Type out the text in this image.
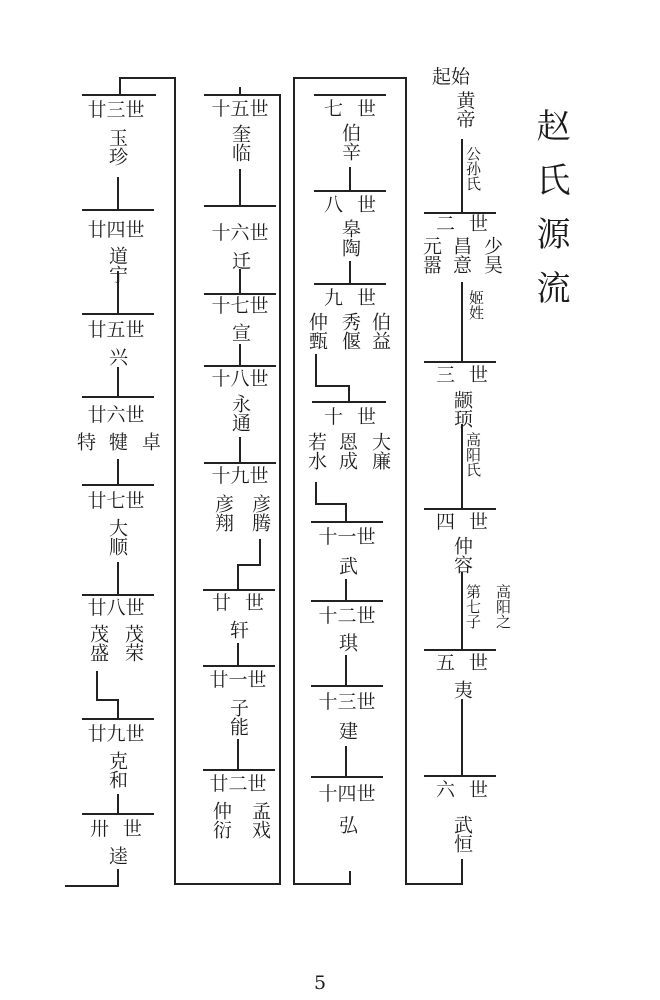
赵氏源流
起始
黄帝
公孙氏
二世
少昊
昌意
元嚣
姬姓
三世
颛顼
高阳氏
四世
仲容
第七子 高阳之
五世
夷
六世
武恒
七世
伯辛
八世
皋陶
九世
伯益
秀偃
仲甄
十世
大廉
恩成
若水
十一世
武
十二世
琪
十三世
建
十四世
弘
十五世
奎临
十六世
迁
十七世
宣
十八世
永通
十九世
彦腾
彦翔
廿世
轩
廿一世
子能
廿二世
孟戏
仲衍
廿三世
玉珍
廿四世
道宁
廿五世
兴
廿六世
卓
犍
特
廿七世
大顺
廿八世
茂荣
茂盛
廿九世
克和
卅世
逵
5
